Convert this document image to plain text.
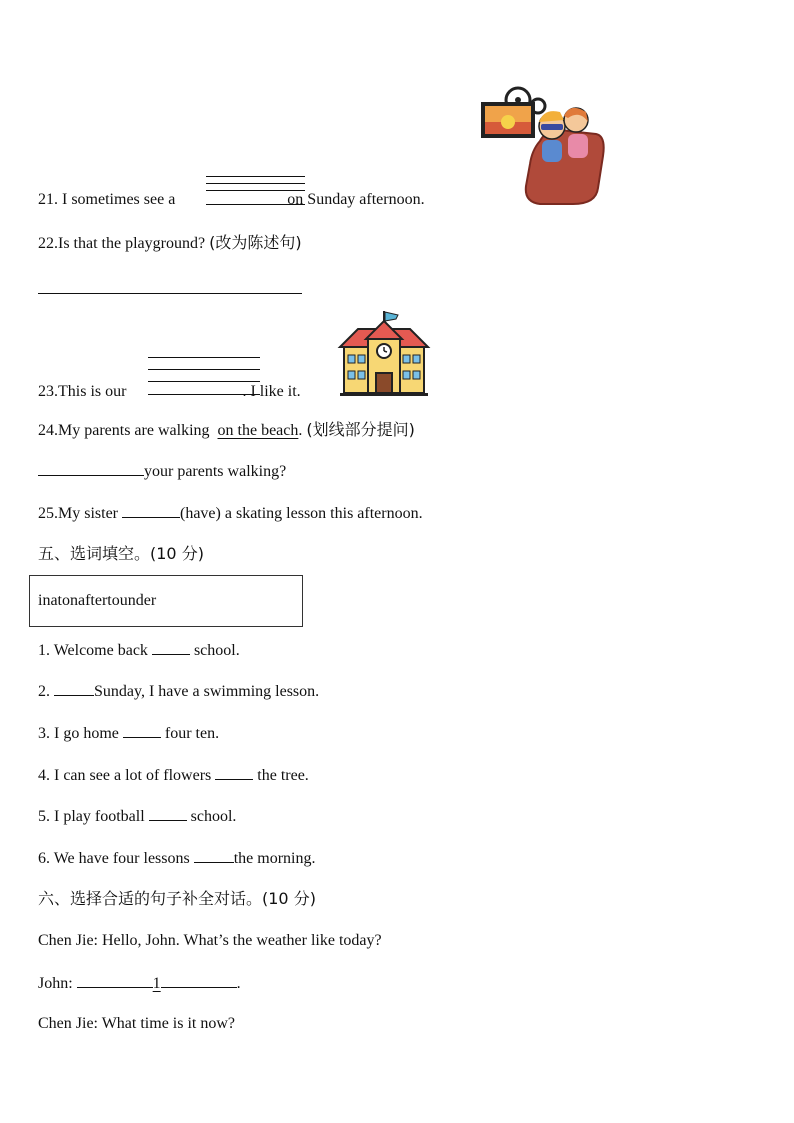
21. I sometimes see a	on Sunday afternoon.
22.Is that the playground? (改为陈述句)
23.This is our	. I like it.
24.My parents are walking on the beach. (划线部分提问)
your parents walking?
25.My sister	(have) a skating lesson this afternoon.
五、选词填空。(10 分)
inatonaftertounder
1. Welcome back	school.
2.	Sunday, I have a swimming lesson.
3. I go home	four ten.
4. I can see a lot of flowers	the tree.
5. I play football	school.
6. We have four lessons	the morning.
六、选择合适的句子补全对话。(10 分)
Chen Jie: Hello, John. What’s the weather like today?
John:	1	.
Chen Jie: What time is it now?
